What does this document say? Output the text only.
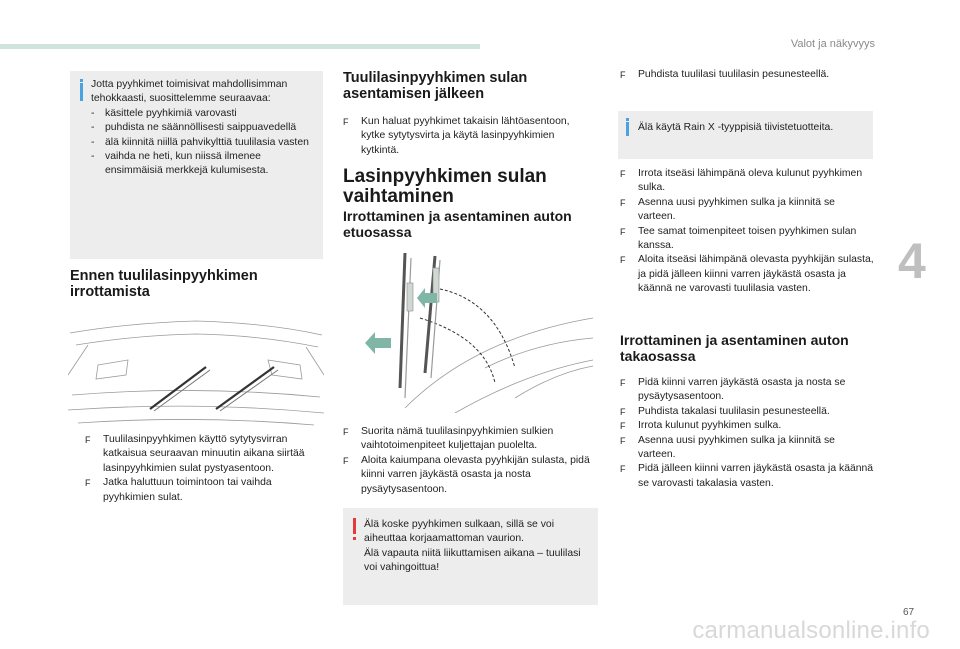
Valot ja näkyvyys
4
Jotta pyyhkimet toimisivat mahdollisimman tehokkaasti, suosittelemme seuraavaa:
- käsittele pyyhkimiä varovasti
- puhdista ne säännöllisesti saippuavedellä
- älä kiinnitä niillä pahvikylttiä tuulilasia vasten
- vaihda ne heti, kun niissä ilmenee ensimmäisiä merkkejä kulumisesta.
Ennen tuulilasinpyyhkimen irrottamista
F Tuulilasinpyyhkimen käyttö sytytysvirran katkaisua seuraavan minuutin aikana siirtää lasinpyyhkimien sulat pystyasentoon.
F Jatka haluttuun toimintoon tai vaihda pyyhkimien sulat.
Tuulilasinpyyhkimen sulan asentamisen jälkeen
F Kun haluat pyyhkimet takaisin lähtöasentoon, kytke sytytysvirta ja käytä lasinpyyhkimien kytkintä.
Lasinpyyhkimen sulan vaihtaminen
Irrottaminen ja asentaminen auton etuosassa
F Suorita nämä tuulilasinpyyhkimien sulkien vaihtotoimenpiteet kuljettajan puolelta.
F Aloita kaiumpana olevasta pyyhkijän sulasta, pidä kiinni varren jäykästä osasta ja nosta pysäytysasentoon.
Älä koske pyyhkimen sulkaan, sillä se voi aiheuttaa korjaamattoman vaurion.
Älä vapauta niitä liikuttamisen aikana – tuulilasi voi vahingoittua!
F Puhdista tuulilasi tuulilasin pesunesteellä.
Älä käytä Rain X -tyyppisiä tiivistetuotteita.
F Irrota itseäsi lähimpänä oleva kulunut pyyhkimen sulka.
F Asenna uusi pyyhkimen sulka ja kiinnitä se varteen.
F Tee samat toimenpiteet toisen pyyhkimen sulan kanssa.
F Aloita itseäsi lähimpänä olevasta pyyhkijän sulasta, ja pidä jälleen kiinni varren jäykästä osasta ja käännä ne varovasti tuulilasia vasten.
Irrottaminen ja asentaminen auton takaosassa
F Pidä kiinni varren jäykästä osasta ja nosta se pysäytysasentoon.
F Puhdista takalasi tuulilasin pesunesteellä.
F Irrota kulunut pyyhkimen sulka.
F Asenna uusi pyyhkimen sulka ja kiinnitä se varteen.
F Pidä jälleen kiinni varren jäykästä osasta ja käännä se varovasti takalasia vasten.
67
carmanualsonline.info
